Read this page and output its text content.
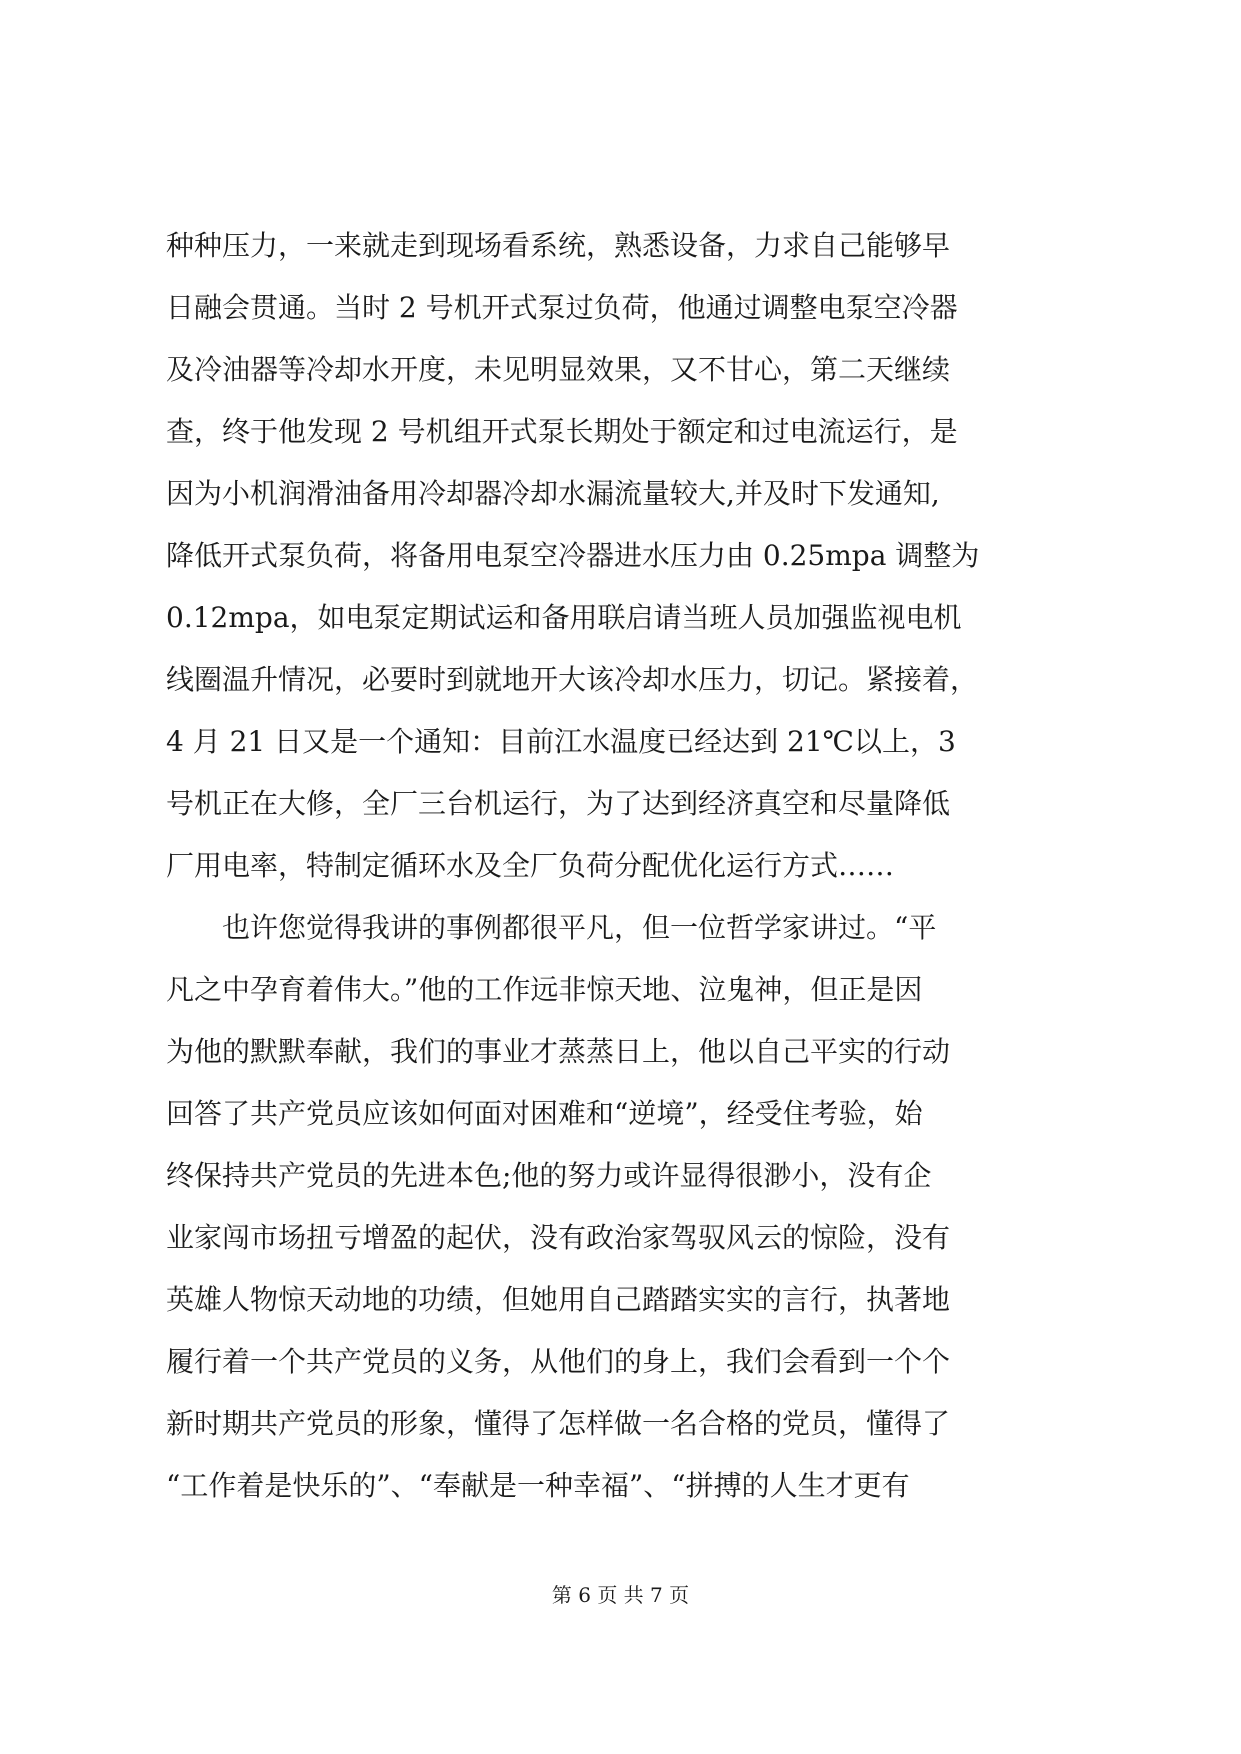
种种压力，一来就走到现场看系统，熟悉设备，力求自己能够早
日融会贯通。当时 2 号机开式泵过负荷，他通过调整电泵空冷器
及冷油器等冷却水开度，未见明显效果，又不甘心，第二天继续
查，终于他发现 2 号机组开式泵长期处于额定和过电流运行，是
因为小机润滑油备用冷却器冷却水漏流量较大,并及时下发通知,
降低开式泵负荷，将备用电泵空冷器进水压力由 0.25mpa 调整为
0.12mpa，如电泵定期试运和备用联启请当班人员加强监视电机
线圈温升情况，必要时到就地开大该冷却水压力，切记。紧接着，
4 月 21 日又是一个通知：目前江水温度已经达到 21℃以上，3
号机正在大修，全厂三台机运行，为了达到经济真空和尽量降低
厂用电率，特制定循环水及全厂负荷分配优化运行方式……
　　也许您觉得我讲的事例都很平凡，但一位哲学家讲过。“平
凡之中孕育着伟大。”他的工作远非惊天地、泣鬼神，但正是因
为他的默默奉献，我们的事业才蒸蒸日上，他以自己平实的行动
回答了共产党员应该如何面对困难和“逆境”，经受住考验，始
终保持共产党员的先进本色;他的努力或许显得很渺小，没有企
业家闯市场扭亏增盈的起伏，没有政治家驾驭风云的惊险，没有
英雄人物惊天动地的功绩，但她用自己踏踏实实的言行，执著地
履行着一个共产党员的义务，从他们的身上，我们会看到一个个
新时期共产党员的形象，懂得了怎样做一名合格的党员，懂得了
“工作着是快乐的”、“奉献是一种幸福”、“拼搏的人生才更有
第 6 页 共 7 页
